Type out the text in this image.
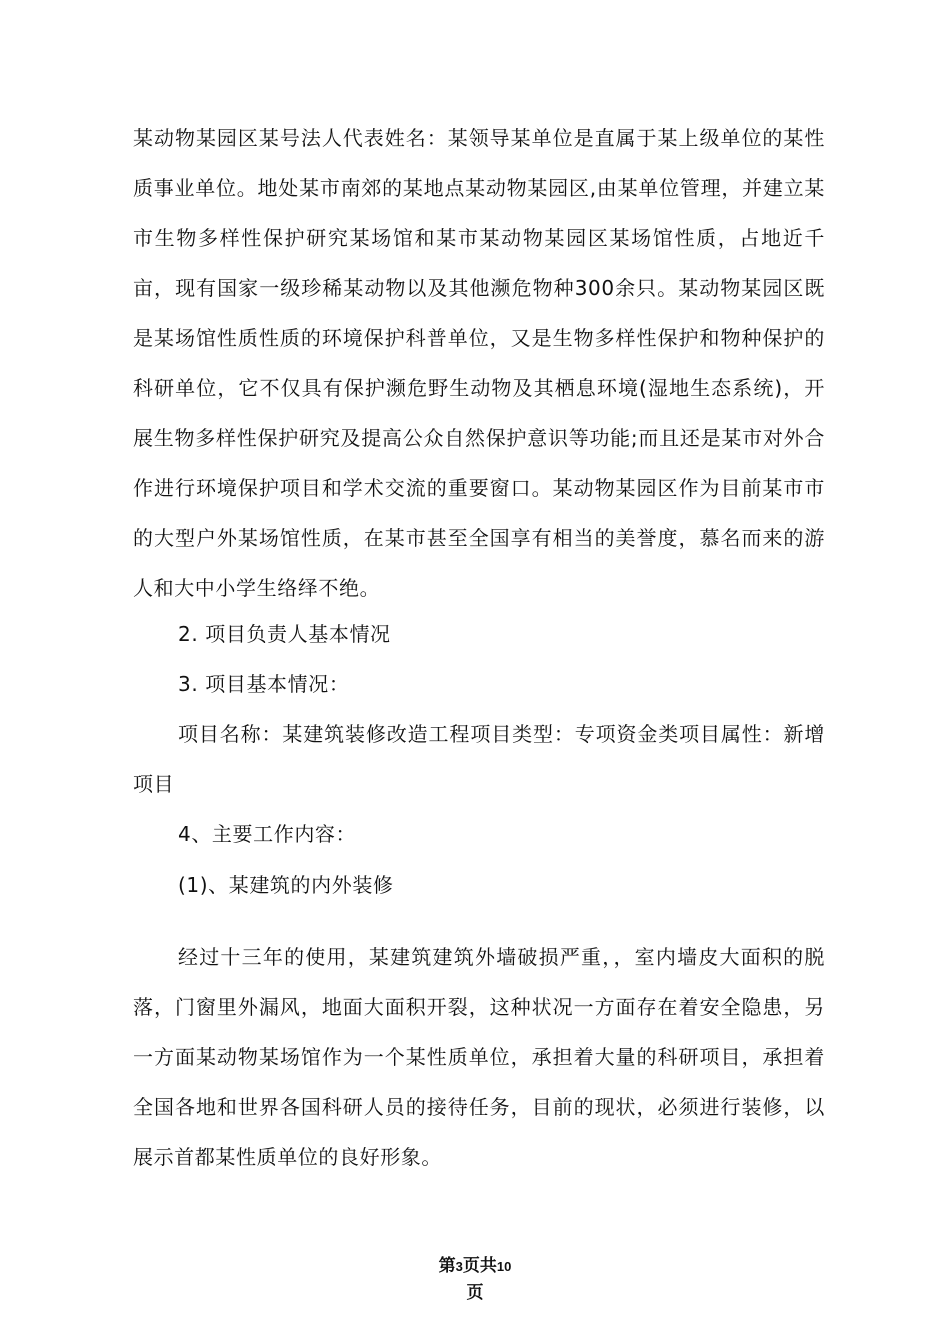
某动物某园区某号法人代表姓名：某领导某单位是直属于某上级单位的某性质事业单位。地处某市南郊的某地点某动物某园区,由某单位管理，并建立某市生物多样性保护研究某场馆和某市某动物某园区某场馆性质，占地近千亩，现有国家一级珍稀某动物以及其他濒危物种300余只。某动物某园区既是某场馆性质性质的环境保护科普单位，又是生物多样性保护和物种保护的科研单位，它不仅具有保护濒危野生动物及其栖息环境(湿地生态系统)，开展生物多样性保护研究及提高公众自然保护意识等功能;而且还是某市对外合作进行环境保护项目和学术交流的重要窗口。某动物某园区作为目前某市市的大型户外某场馆性质，在某市甚至全国享有相当的美誉度，慕名而来的游人和大中小学生络绎不绝。
2. 项目负责人基本情况
3. 项目基本情况：
项目名称：某建筑装修改造工程项目类型：专项资金类项目属性：新增项目
4、主要工作内容：
(1)、某建筑的内外装修
经过十三年的使用，某建筑建筑外墙破损严重，，室内墙皮大面积的脱落，门窗里外漏风，地面大面积开裂，这种状况一方面存在着安全隐患，另一方面某动物某场馆作为一个某性质单位，承担着大量的科研项目，承担着全国各地和世界各国科研人员的接待任务，目前的现状，必须进行装修，以展示首都某性质单位的良好形象。
第3页共10
页
